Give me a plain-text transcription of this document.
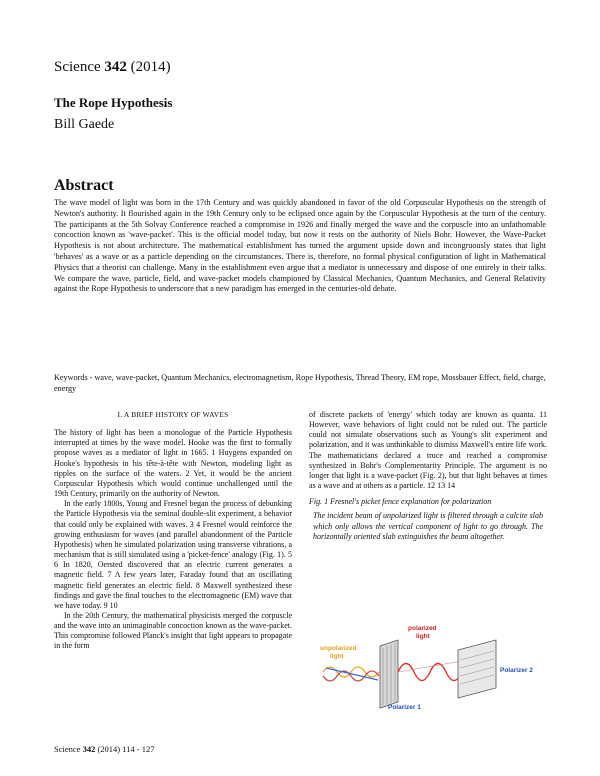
Science 342 (2014)
The Rope Hypothesis
Bill Gaede
Abstract

The wave model of light was born in the 17th Century and was quickly abandoned in favor of the old Corpuscular Hypothesis on the strength of Newton's authority. It flourished again in the 19th Century only to be eclipsed once again by the Corpuscular Hypothesis at the turn of the century. The participants at the 5th Solvay Conference reached a compromise in 1926 and finally merged the wave and the corpuscle into an unfathomable concoction known as 'wave-packet'. This is the official model today, but now it rests on the authority of Niels Bohr. However, the Wave-Packet Hypothesis is not about architecture. The mathematical establishment has turned the argument upside down and incongruously states that light 'behaves' as a wave or as a particle depending on the circumstances. There is, therefore, no formal physical configuration of light in Mathematical Physics that a theorist can challenge. Many in the establishment even argue that a mediator is unnecessary and dispose of one entirely in their talks. We compare the wave, particle, field, and wave-packet models championed by Classical Mechanics, Quantum Mechanics, and General Relativity against the Rope Hypothesis to underscore that a new paradigm has emerged in the centuries-old debate.

Keywords - wave, wave-packet, Quantum Mechanics, electromagnetism, Rope Hypothesis, Thread Theory, EM rope, Mossbauer Effect, field, charge, energy
I. A BRIEF HISTORY OF WAVES

The history of light has been a monologue of the Particle Hypothesis interrupted at times by the wave model. Hooke was the first to formally propose waves as a mediator of light in 1665. 1 Huygens expanded on Hooke's hypothesis in his tête-à-tête with Newton, modeling light as ripples on the surface of the waters. 2 Yet, it would be the ancient Corpuscular Hypothesis which would continue unchallenged until the 19th Century, primarily on the authority of Newton.

In the early 1800s, Young and Fresnel began the process of debunking the Particle Hypothesis via the seminal double-slit experiment, a behavior that could only be explained with waves. 3 4 Fresnel would reinforce the growing enthusiasm for waves (and parallel abandonment of the Particle Hypothesis) when he simulated polarization using transverse vibrations, a mechanism that is still simulated using a 'picket-fence' analogy (Fig. 1). 5 6 In 1820, Oersted discovered that an electric current generates a magnetic field. 7 A few years later, Faraday found that an oscillating magnetic field generates an electric field. 8 Maxwell synthesized these findings and gave the final touches to the electromagnetic (EM) wave that we have today. 9 10

In the 20th Century, the mathematical physicists merged the corpuscle and the wave into an unimaginable concoction known as the wave-packet. This compromise followed Planck's insight that light appears to propagate in the form

of discrete packets of 'energy' which today are known as quanta. 11 However, wave behaviors of light could not be ruled out. The particle could not simulate observations such as Young's slit experiment and polarization, and it was unthinkable to dismiss Maxwell's entire life work. The mathematicians declared a truce and reached a compromise synthesized in Bohr's Complementarity Principle. The argument is no longer that light is a wave-packet (Fig. 2), but that light behaves at times as a wave and at others as a particle. 12 13 14

Fig. 1 Fresnel's picket fence explanation for polarization
The incident beam of unpolarized light is filtered through a calcite slab which only allows the vertical component of light to go through. The horizontally oriented slab extinguishes the beam altogether.
unpolarized
light
polarized
light
Polarizer 2
Polarizer 1
Science 342 (2014) 114 - 127
